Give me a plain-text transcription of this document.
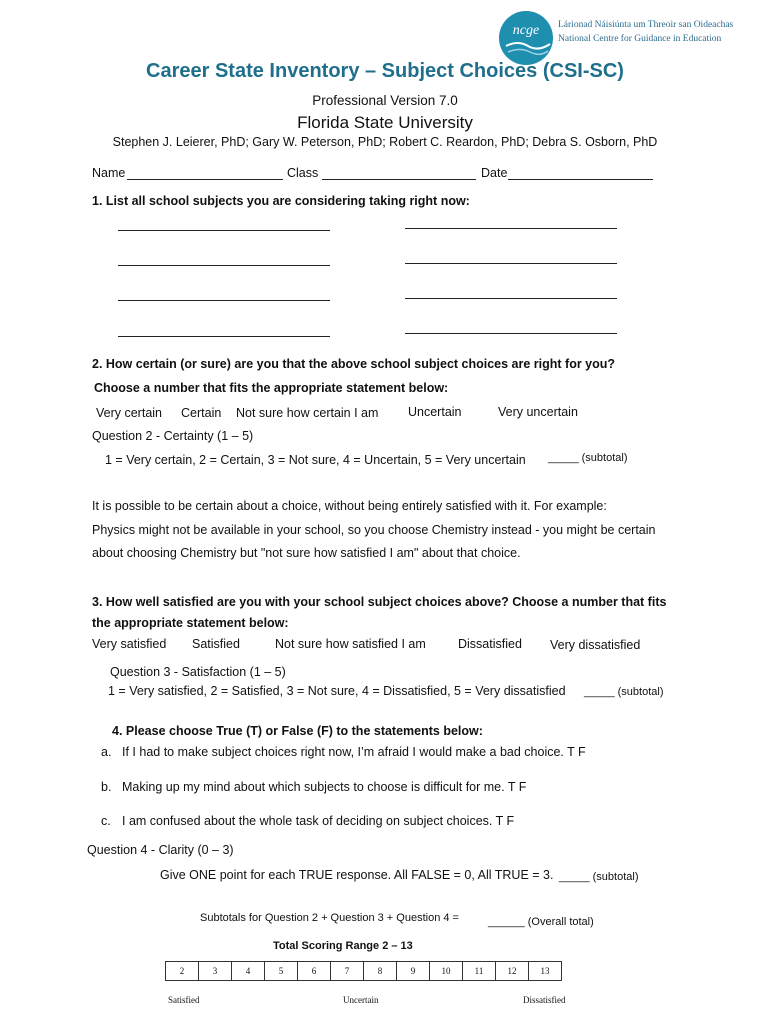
ncge Lárionad Náisiúnta um Threoir san Oideachas
National Centre for Guidance in Education
Career State Inventory – Subject Choices (CSI-SC)
Professional Version 7.0
Florida State University
Stephen J. Leierer, PhD; Gary W. Peterson, PhD; Robert C. Reardon, PhD; Debra S. Osborn, PhD
Name	Class	Date
1. List all school subjects you are considering taking right now:
2. How certain (or sure) are you that the above school subject choices are right for you?
Choose a number that fits the appropriate statement below:
Very certain Certain Not sure how certain I am Uncertain	Very uncertain
Question 2 - Certainty (1 – 5)
1 = Very certain, 2 = Certain, 3 = Not sure, 4 = Uncertain, 5 = Very uncertain _____ (subtotal)
It is possible to be certain about a choice, without being entirely satisfied with it. For example:
Physics might not be available in your school, so you choose Chemistry instead - you might be certain
about choosing Chemistry but "not sure how satisfied I am" about that choice.
3. How well satisfied are you with your school subject choices above? Choose a number that fits
the appropriate statement below:
Very satisfied Satisfied	Not sure how satisfied I am	Dissatisfied Very dissatisfied
Question 3 - Satisfaction (1 – 5)
1 = Very satisfied, 2 = Satisfied, 3 = Not sure, 4 = Dissatisfied, 5 = Very dissatisfied _____ (subtotal)
4. Please choose True (T) or False (F) to the statements below:
a. If I had to make subject choices right now, I’m afraid I would make a bad choice. T F
b. Making up my mind about which subjects to choose is difficult for me. T F
c. I am confused about the whole task of deciding on subject choices. T F
Question 4 - Clarity (0 – 3)
Give ONE point for each TRUE response. All FALSE = 0, All TRUE = 3. _____ (subtotal)
Subtotals for Question 2 + Question 3 + Question 4 =	______ (Overall total)
Total Scoring Range 2 – 13
2	3	4	5	6	7	8	9	10	11	12	13
Satisfied	Uncertain	Dissatisfied
